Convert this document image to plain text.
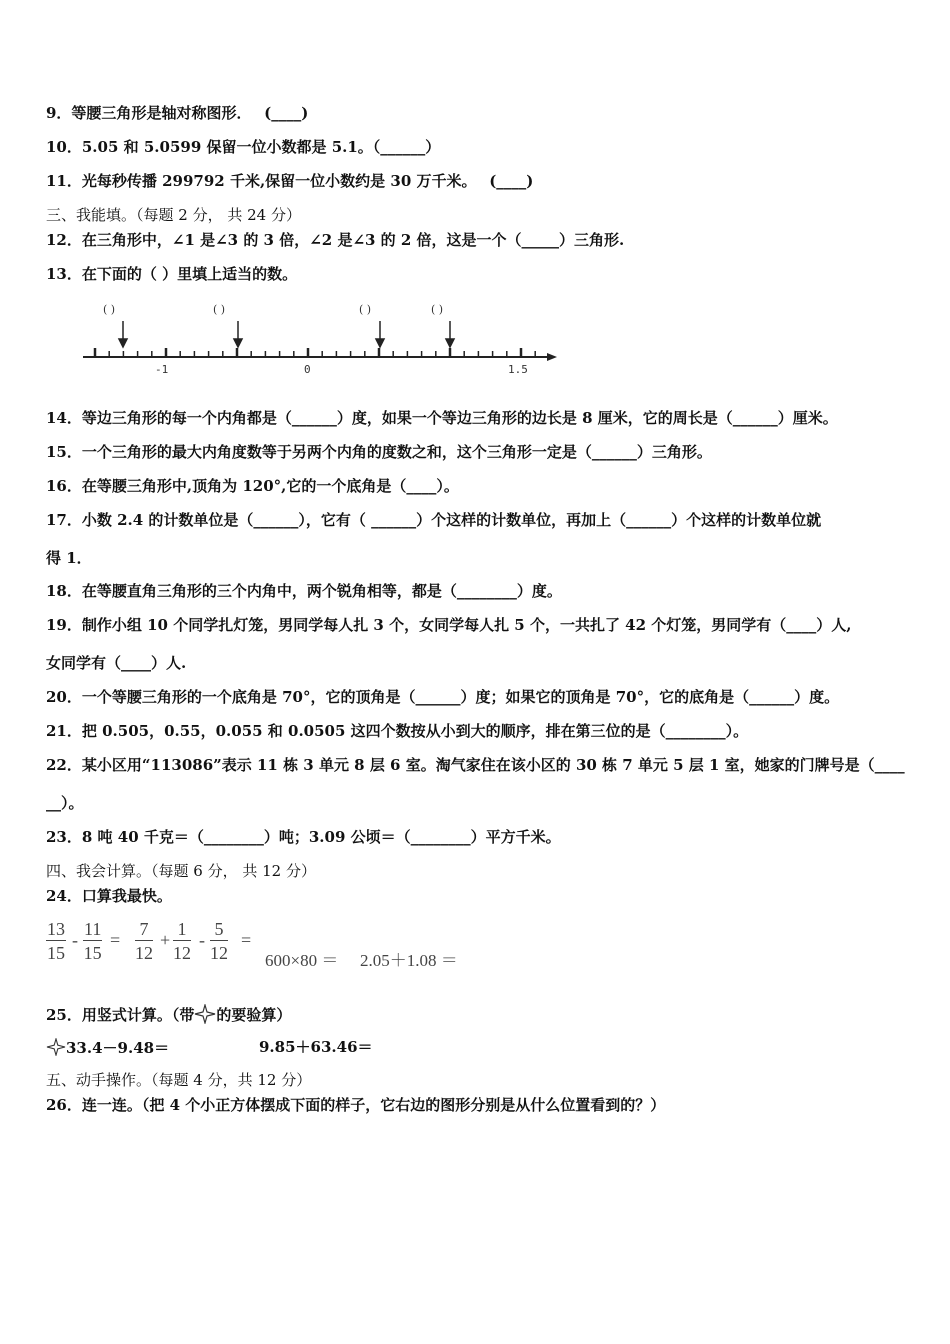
9．等腰三角形是轴对称图形．　 (____)
10．5.05 和 5.0599 保留一位小数都是 5.1。（______）
11．光每秒传播 299792 千米,保留一位小数约是 30 万千米。　 (____)
三、我能填。（每题 2 分， 共 24 分）
12．在三角形中，∠1 是∠3 的 3 倍，∠2 是∠3 的 2 倍，这是一个（_____）三角形.
13．在下面的（ ）里填上适当的数。
( )	( )	( )	( )
-1	0	1.5
14．等边三角形的每一个内角都是（______）度，如果一个等边三角形的边长是 8 厘米，它的周长是（______）厘米。
15．一个三角形的最大内角度数等于另两个内角的度数之和，这个三角形一定是（______）三角形。
16．在等腰三角形中,顶角为 120°,它的一个底角是（____）。
17．小数 2.4 的计数单位是（______），它有（ ______）个这样的计数单位，再加上（______）个这样的计数单位就
得 1．
18．在等腰直角三角形的三个内角中，两个锐角相等，都是（________）度。
19．制作小组 10 个同学扎灯笼，男同学每人扎 3 个，女同学每人扎 5 个，一共扎了 42 个灯笼，男同学有（____）人,
女同学有（____）人.
20．一个等腰三角形的一个底角是 70°，它的顶角是（______）度；如果它的顶角是 70°，它的底角是（______）度。
21．把 0.505，0.55，0.055 和 0.0505 这四个数按从小到大的顺序，排在第三位的是（________）。
22．某小区用“113086”表示 11 栋 3 单元 8 层 6 室。淘气家住在该小区的 30 栋 7 单元 5 层 1 室，她家的门牌号是（____
__）。
23．8 吨 40 千克＝（________）吨；3.09 公顷＝（________）平方千米。
四、我会计算。（每题 6 分， 共 12 分）
24．口算我最快。
$\frac{13}{15} - \frac{11}{15} = \frac{7}{12} + \frac{1}{12} - \frac{5}{12}$ =
600×80 ＝ 2.05＋1.08 ＝
25．用竖式计算。（带 的要验算）
33.4－9.48＝	9.85＋63.46＝
五、动手操作。（每题 4 分，共 12 分）
26．连一连。（把 4 个小正方体摆成下面的样子，它右边的图形分别是从什么位置看到的？）
